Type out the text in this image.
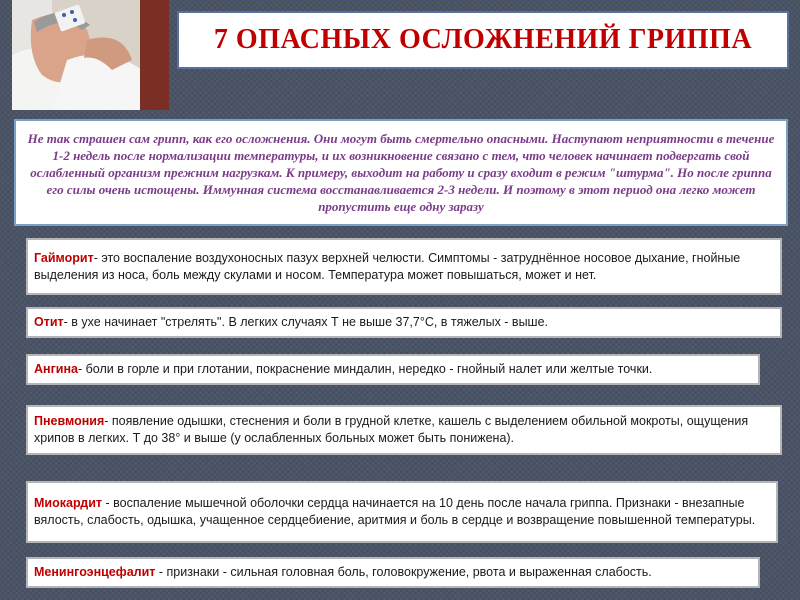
7 ОПАСНЫХ ОСЛОЖНЕНИЙ ГРИППА

Не так страшен сам грипп, как его осложнения. Они могут быть смертельно опасными. Наступают неприятности в течение 1-2 недель после нормализации температуры, и их возникновение связано с тем, что человек начинает подвергать свой ослабленный организм прежним нагрузкам. К примеру, выходит на работу и сразу входит в режим "штурма". Но после гриппа его силы очень истощены. Иммунная система восстанавливается 2-3 недели. И поэтому в этот период она легко может пропустить еще одну заразу

Гайморит- это воспаление воздухоносных пазух верхней челюсти. Симптомы - затруднённое носовое дыхание, гнойные выделения из носа, боль между скулами и носом. Температура может повышаться, может и нет.

Отит- в ухе начинает "стрелять". В легких случаях Т не выше 37,7°С, в тяжелых - выше.

Ангина- боли в горле и при глотании, покраснение миндалин, нередко - гнойный налет или желтые точки.

Пневмония- появление одышки, стеснения и боли в грудной клетке, кашель с выделением обильной мокроты, ощущения хрипов в легких. Т до 38° и выше (у ослабленных больных может быть понижена).

Миокардит - воспаление мышечной оболочки сердца начинается на 10 день после начала гриппа. Признаки - внезапные вялость, слабость, одышка, учащенное сердцебиение, аритмия и боль в сердце и возвращение повышенной температуры.

Менингоэнцефалит - признаки - сильная головная боль, головокружение, рвота и выраженная слабость.
